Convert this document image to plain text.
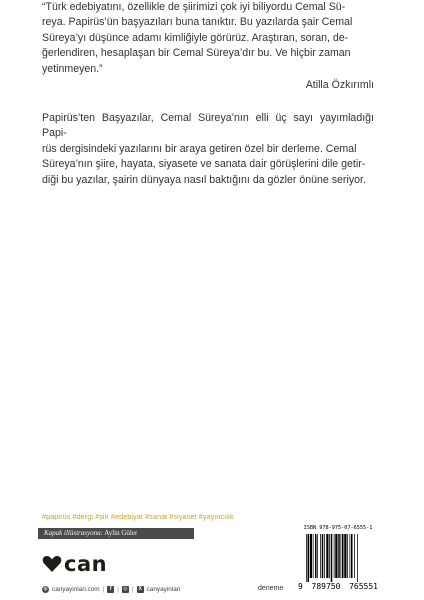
“Türk edebiyatını, özellikle de şiirimizi çok iyi biliyordu Cemal Sü-

reya. Papirüs’ün başyazıları buna tanıktır. Bu yazılarda şair Cemal

Süreya’yı düşünce adamı kimliğiyle görürüz. Araştıran, soran, de-

ğerlendiren, hesaplaşan bir Cemal Süreya’dır bu. Ve hiçbir zaman

yetinmeyen.”

Atilla Özkırımlı

Papirüs’ten Başyazılar, Cemal Süreya’nın elli üç sayı yayımladığı Papi-

rüs dergisindeki yazılarını bir araya getiren özel bir derleme. Cemal

Süreya’nın şiire, hayata, siyasete ve sanata dair görüşlerini dile getir-

diği bu yazılar, şairin dünyaya nasıl baktığını da gözler önüne seriyor.

#papirüs #dergi #şiir #edebiyat #sanat #siyaset #yayıncılık
Kapak illüstrasyonu: Aylin Güler
can
◍ canyayinlari.com |	f | ◎ | X canyayinlari	deneme
ISBN 978-975-07-6555-1
9 789750 765551
